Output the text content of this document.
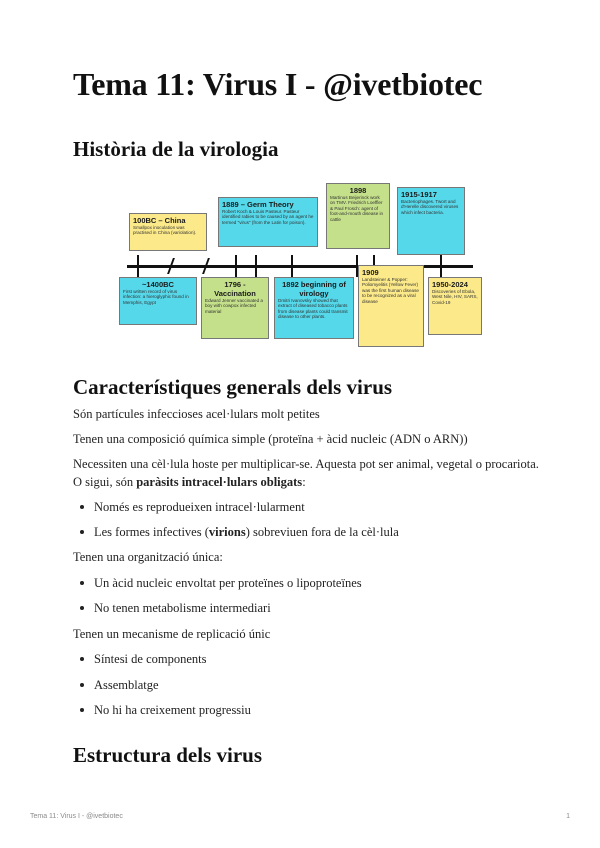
Tema 11: Virus I - @ivetbiotec
Història de la virologia
100BC – China
Smallpox inoculation was practised in China (variolation).
1889 – Germ Theory
Robert Koch & Louis Pasteur. Pasteur identified rabies to be caused by an agent he termed "virus" (from the Latin for poison).
1898
Martinus Beijerinck work on TMV. Friedrich Loeffler & Paul Frosch: agent of foot-and-mouth disease in cattle
1915-1917
Bacteriophages. Twort and d'Herelle discovered viruses which infect bacteria.
~1400BC
First written record of virus infection: a hieroglyphic found in Memphis, Egypt
1796 - Vaccination
Edward Jenner vaccinated a boy with cowpox infected material
1892 beginning of virology
Dmitri Ivanovsky showed that extract of diseased tobacco plants from disease plants could transmit disease to other plants.
1909
Landsteiner & Popper: Poliomyelitis (Yellow Fever) was the first human disease to be recognized as a viral disease
1950-2024
Discoveries of Ebola, West Nile, HIV, SARS, Covid-19
Característiques generals dels virus

Són partícules infeccioses acel·lulars molt petites

Tenen una composició química simple (proteïna + àcid nucleic (ADN o ARN))

Necessiten una cèl·lula hoste per multiplicar-se. Aquesta pot ser animal, vegetal o procariota.

O sigui, són paràsits intracel·lulars obligats:

Només es reprodueixen intracel·lularment

Les formes infectives (virions) sobreviuen fora de la cèl·lula

Tenen una organització única:

Un àcid nucleic envoltat per proteïnes o lipoproteïnes

No tenen metabolisme intermediari

Tenen un mecanisme de replicació únic

Síntesi de components

Assemblatge

No hi ha creixement progressiu

Estructura dels virus
Tema 11: Virus I - @ivetbiotec	1
